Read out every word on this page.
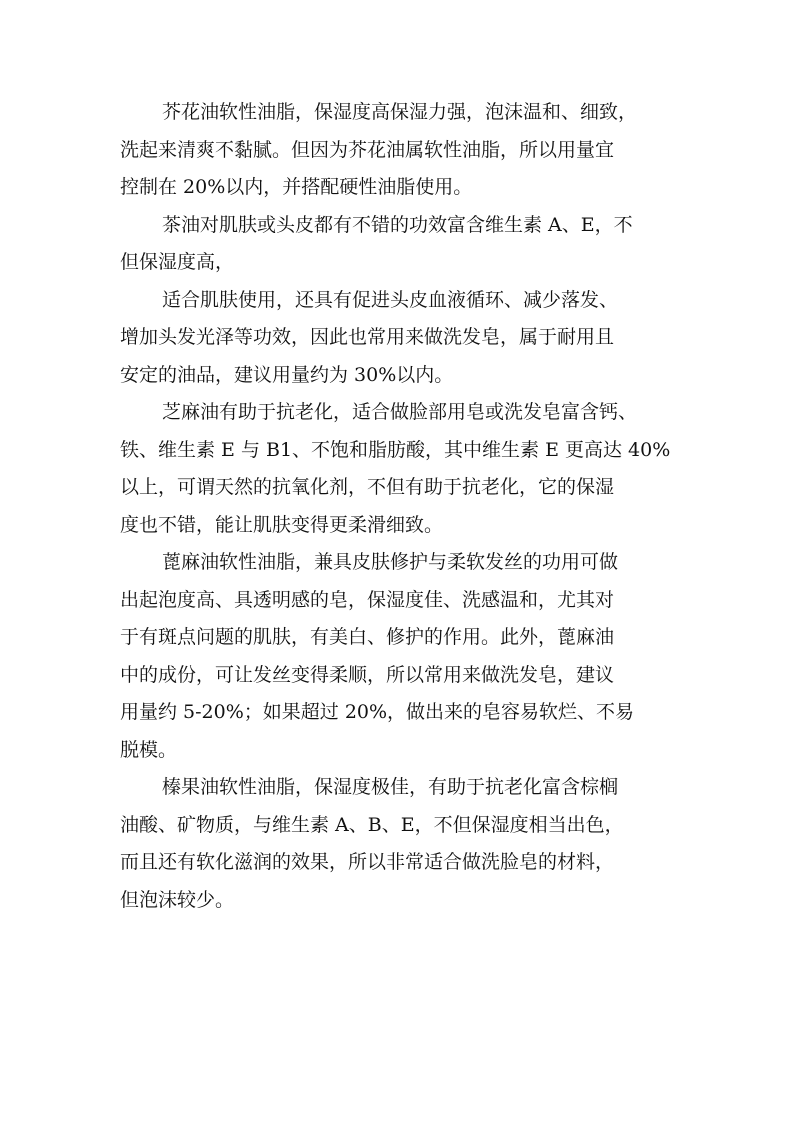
芥花油软性油脂，保湿度高保湿力强，泡沫温和、细致，
洗起来清爽不黏腻。但因为芥花油属软性油脂，所以用量宜
控制在 20%以内，并搭配硬性油脂使用。
茶油对肌肤或头皮都有不错的功效富含维生素 A、E，不
但保湿度高，
适合肌肤使用，还具有促进头皮血液循环、减少落发、
增加头发光泽等功效，因此也常用来做洗发皂，属于耐用且
安定的油品，建议用量约为 30%以内。
芝麻油有助于抗老化，适合做脸部用皂或洗发皂富含钙、
铁、维生素 E 与 B1、不饱和脂肪酸，其中维生素 E 更高达 40%
以上，可谓天然的抗氧化剂，不但有助于抗老化，它的保湿
度也不错，能让肌肤变得更柔滑细致。
蓖麻油软性油脂，兼具皮肤修护与柔软发丝的功用可做
出起泡度高、具透明感的皂，保湿度佳、洗感温和，尤其对
于有斑点问题的肌肤，有美白、修护的作用。此外，蓖麻油
中的成份，可让发丝变得柔顺，所以常用来做洗发皂，建议
用量约 5-20%；如果超过 20%，做出来的皂容易软烂、不易
脱模。
榛果油软性油脂，保湿度极佳，有助于抗老化富含棕榈
油酸、矿物质，与维生素 A、B、E，不但保湿度相当出色，
而且还有软化滋润的效果，所以非常适合做洗脸皂的材料，
但泡沫较少。
